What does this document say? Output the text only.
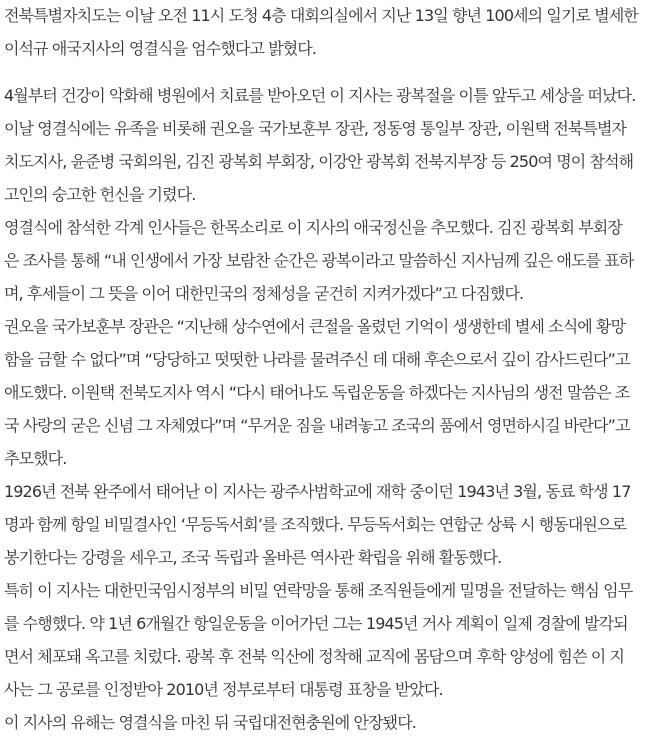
전북특별자치도는 이날 오전 11시 도청 4층 대회의실에서 지난 13일 향년 100세의 일기로 별세한
이석규 애국지사의 영결식을 엄수했다고 밝혔다.

4월부터 건강이 악화해 병원에서 치료를 받아오던 이 지사는 광복절을 이틀 앞두고 세상을 떠났다.
이날 영결식에는 유족을 비롯해 권오을 국가보훈부 장관, 정동영 통일부 장관, 이원택 전북특별자
치도지사, 윤준병 국회의원, 김진 광복회 부회장, 이강안 광복회 전북지부장 등 250여 명이 참석해
고인의 숭고한 헌신을 기렸다.

영결식에 참석한 각계 인사들은 한목소리로 이 지사의 애국정신을 추모했다. 김진 광복회 부회장
은 조사를 통해 “내 인생에서 가장 보람찬 순간은 광복이라고 말씀하신 지사님께 깊은 애도를 표하
며, 후세들이 그 뜻을 이어 대한민국의 정체성을 굳건히 지켜가겠다”고 다짐했다.

권오을 국가보훈부 장관은 “지난해 상수연에서 큰절을 올렸던 기억이 생생한데 별세 소식에 황망
함을 금할 수 없다”며 “당당하고 떳떳한 나라를 물려주신 데 대해 후손으로서 깊이 감사드린다”고
애도했다. 이원택 전북도지사 역시 “다시 태어나도 독립운동을 하겠다는 지사님의 생전 말씀은 조
국 사랑의 굳은 신념 그 자체였다”며 “무거운 짐을 내려놓고 조국의 품에서 영면하시길 바란다”고
추모했다.

1926년 전북 완주에서 태어난 이 지사는 광주사범학교에 재학 중이던 1943년 3월, 동료 학생 17
명과 함께 항일 비밀결사인 ‘무등독서회’를 조직했다. 무등독서회는 연합군 상륙 시 행동대원으로
봉기한다는 강령을 세우고, 조국 독립과 올바른 역사관 확립을 위해 활동했다.

특히 이 지사는 대한민국임시정부의 비밀 연락망을 통해 조직원들에게 밀명을 전달하는 핵심 임무
를 수행했다. 약 1년 6개월간 항일운동을 이어가던 그는 1945년 거사 계획이 일제 경찰에 발각되
면서 체포돼 옥고를 치렀다. 광복 후 전북 익산에 정착해 교직에 몸담으며 후학 양성에 힘쓴 이 지
사는 그 공로를 인정받아 2010년 정부로부터 대통령 표창을 받았다.

이 지사의 유해는 영결식을 마친 뒤 국립대전현충원에 안장됐다.
